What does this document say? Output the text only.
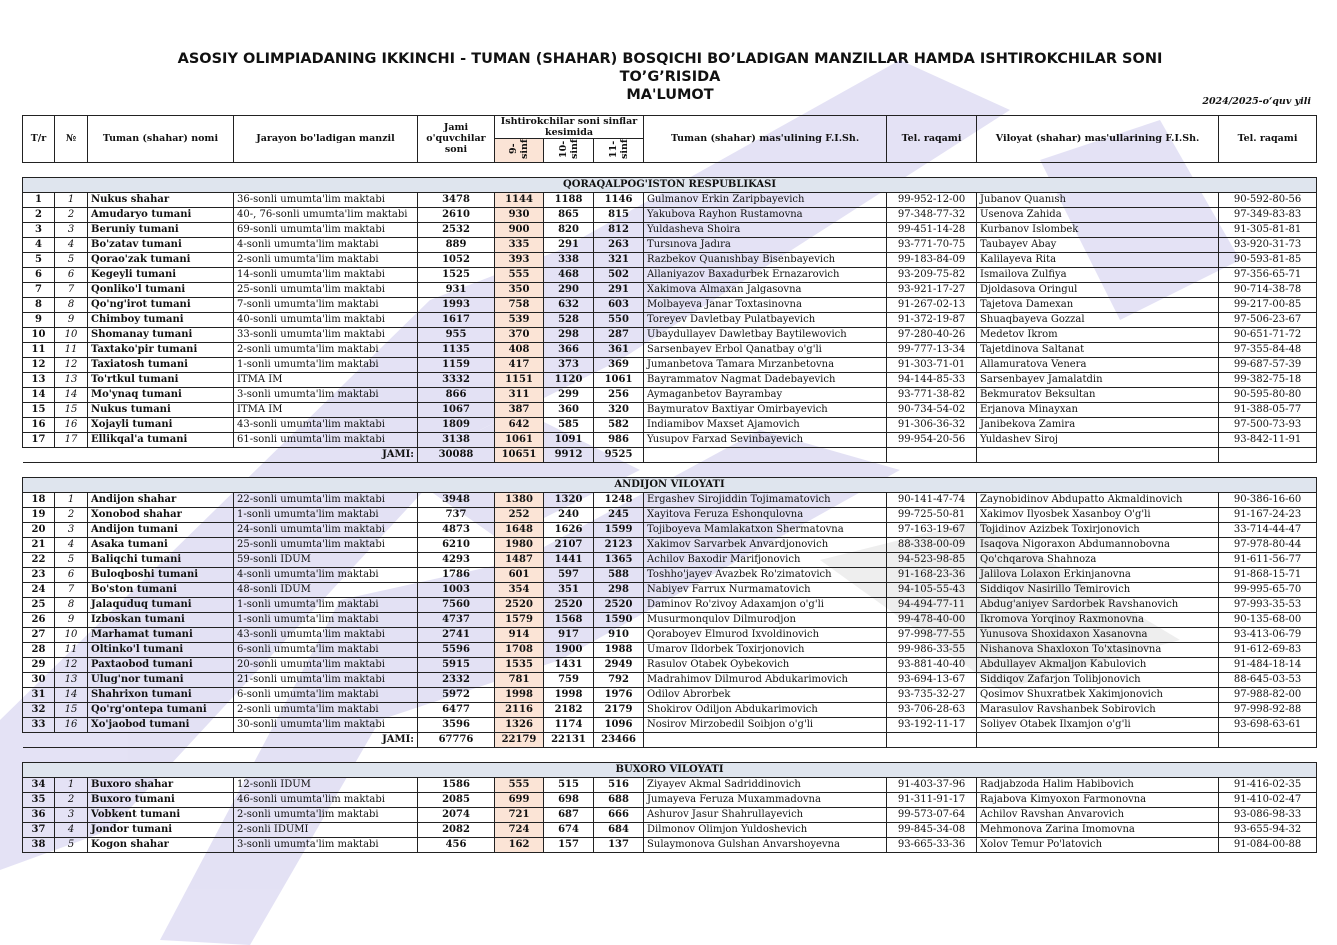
ASOSIY OLIMPIADANING IKKINCHI - TUMAN (SHAHAR) BOSQICHI BO’LADIGAN MANZILLAR HAMDA ISHTIROKCHILAR SONI TO’G’RISIDA
MA'LUMOT	2024/2025-o‘quv yili
T/r	№	Tuman (shahar) nomi	Jarayon bo'ladigan manzil	Jami o'quvchilar soni	Ishtirokchilar soni sinflar kesimida			Tuman (shahar) mas'ulining F.I.Sh.	Tel. raqami	Viloyat (shahar) mas'ullarining F.I.Sh.	Tel. raqami
					9-sinf	10-sinf	11-sinf				

QORAQALPOG'ISTON RESPUBLIKASI											
1	1	Nukus shahar	36-sonli umumta'lim maktabi	3478	1144	1188	1146	Gulmanov Erkin Zaripbayevich	99-952-12-00	Jubanov Quanısh	90-592-80-56
2	2	Amudaryo tumani	40-, 76-sonli umumta'lim maktabi	2610	930	865	815	Yakubova Rayhon Rustamovna	97-348-77-32	Usenova Zahida	97-349-83-83
3	3	Beruniy tumani	69-sonli umumta'lim maktabi	2532	900	820	812	Yuldasheva Shoira	99-451-14-28	Kurbanov Islombek	91-305-81-81
4	4	Bo'zatav tumani	4-sonli umumta'lim maktabi	889	335	291	263	Tursınova Jadıra	93-771-70-75	Taubayev Abay	93-920-31-73
5	5	Qorao'zak tumani	2-sonli umumta'lim maktabi	1052	393	338	321	Razbekov Quanıshbay Bisenbayevich	99-183-84-09	Kalilayeva Rita	90-593-81-85
6	6	Kegeyli tumani	14-sonli umumta'lim maktabi	1525	555	468	502	Allaniyazov Baxadurbek Ernazarovich	93-209-75-82	Ismailova Zulfiya	97-356-65-71
7	7	Qonliko'l tumani	25-sonli umumta'lim maktabi	931	350	290	291	Xakimova Almaxan Jalgasovna	93-921-17-27	Djoldasova Oringul	90-714-38-78
8	8	Qo'ng'irot tumani	7-sonli umumta'lim maktabi	1993	758	632	603	Molbayeva Janar Toxtasinovna	91-267-02-13	Tajetova Damexan	99-217-00-85
9	9	Chimboy tumani	40-sonli umumta'lim maktabi	1617	539	528	550	Toreyev Davletbay Pulatbayevich	91-372-19-87	Shuaqbayeva Gozzal	97-506-23-67
10	10	Shomanay tumani	33-sonli umumta'lim maktabi	955	370	298	287	Ubaydullayev Dawletbay Baytilewovich	97-280-40-26	Medetov Ikrom	90-651-71-72
11	11	Taxtako'pir tumani	2-sonli umumta'lim maktabi	1135	408	366	361	Sarsenbayev Erbol Qanatbay o'g'li	99-777-13-34	Tajetdinova Saltanat	97-355-84-48
12	12	Taxiatosh tumani	1-sonli umumta'lim maktabi	1159	417	373	369	Jumanbetova Tamara Mırzanbetovna	91-303-71-01	Allamuratova Venera	99-687-57-39
13	13	To'rtkul tumani	ITMA IM	3332	1151	1120	1061	Bayrammatov Nagmat Dadebayevich	94-144-85-33	Sarsenbayev Jamalatdin	99-382-75-18
14	14	Mo'ynaq tumani	3-sonli umumta'lim maktabi	866	311	299	256	Aymaganbetov Bayrambay	93-771-38-82	Bekmuratov Beksultan	90-595-80-80
15	15	Nukus tumani	ITMA IM	1067	387	360	320	Baymuratov Baxtiyar Omirbayevich	90-734-54-02	Erjanova Minayxan	91-388-05-77
16	16	Xojayli tumani	43-sonli umumta'lim maktabi	1809	642	585	582	Indiamibov Maxset Ajamovich	91-306-36-32	Janibekova Zamira	97-500-73-93
17	17	Ellikqal'a tumani	61-sonli umumta'lim maktabi	3138	1061	1091	986	Yusupov Farxad Sevinbayevich	99-954-20-56	Yuldashev Siroj	93-842-11-91
JAMI:				30088	10651	9912	9525				

ANDIJON VILOYATI											
18	1	Andijon shahar	22-sonli umumta'lim maktabi	3948	1380	1320	1248	Ergashev Sirojiddin Tojimamatovich	90-141-47-74	Zaynobidinov Abdupatto Akmaldinovich	90-386-16-60
19	2	Xonobod shahar	1-sonli umumta'lim maktabi	737	252	240	245	Xayitova Feruza Eshonqulovna	99-725-50-81	Xakimov Ilyosbek Xasanboy O'g'li	91-167-24-23
20	3	Andijon tumani	24-sonli umumta'lim maktabi	4873	1648	1626	1599	Tojiboyeva Mamlakatxon Shermatovna	97-163-19-67	Tojidinov Azizbek Toxirjonovich	33-714-44-47
21	4	Asaka tumani	25-sonli umumta'lim maktabi	6210	1980	2107	2123	Xakimov Sarvarbek Anvardjonovich	88-338-00-09	Isaqova Nigoraxon Abdumannobovna	97-978-80-44
22	5	Baliqchi tumani	59-sonli IDUM	4293	1487	1441	1365	Achilov Baxodir Marifjonovich	94-523-98-85	Qo'chqarova Shahnoza	91-611-56-77
23	6	Buloqboshi tumani	4-sonli umumta'lim maktabi	1786	601	597	588	Toshho'jayev Avazbek Ro'zimatovich	91-168-23-36	Jalilova Lolaxon Erkinjanovna	91-868-15-71
24	7	Bo'ston tumani	48-sonli IDUM	1003	354	351	298	Nabiyev Farrux Nurmamatovich	94-105-55-43	Siddiqov Nasirillo Temirovich	99-995-65-70
25	8	Jalaquduq tumani	1-sonli umumta'lim maktabi	7560	2520	2520	2520	Daminov Ro'zivoy Adaxamjon o'g'li	94-494-77-11	Abdug'aniyev Sardorbek Ravshanovich	97-993-35-53
26	9	Izboskan tumani	1-sonli umumta'lim maktabi	4737	1579	1568	1590	Musurmonqulov Dilmurodjon	99-478-40-00	Ikromova Yorqinoy Raxmonovna	90-135-68-00
27	10	Marhamat tumani	43-sonli umumta'lim maktabi	2741	914	917	910	Qoraboyev Elmurod Ixvoldinovich	97-998-77-55	Yunusova Shoxidaxon Xasanovna	93-413-06-79
28	11	Oltinko'l tumani	6-sonli umumta'lim maktabi	5596	1708	1900	1988	Umarov Ildorbek Toxirjonovich	99-986-33-55	Nishanova Shaxloxon To'xtasinovna	91-612-69-83
29	12	Paxtaobod tumani	20-sonli umumta'lim maktabi	5915	1535	1431	2949	Rasulov Otabek Oybekovich	93-881-40-40	Abdullayev Akmaljon Kabulovich	91-484-18-14
30	13	Ulug'nor tumani	21-sonli umumta'lim maktabi	2332	781	759	792	Madrahimov Dilmurod Abdukarimovich	93-694-13-67	Siddiqov Zafarjon Tolibjonovich	88-645-03-53
31	14	Shahrixon tumani	6-sonli umumta'lim maktabi	5972	1998	1998	1976	Odilov Abrorbek	93-735-32-27	Qosimov Shuxratbek Xakimjonovich	97-988-82-00
32	15	Qo'rg'ontepa tumani	2-sonli umumta'lim maktabi	6477	2116	2182	2179	Shokirov Odiljon Abdukarimovich	93-706-28-63	Marasulov Ravshanbek Sobirovich	97-998-92-88
33	16	Xo'jaobod tumani	30-sonli umumta'lim maktabi	3596	1326	1174	1096	Nosirov Mirzobedil Soibjon o'g'li	93-192-11-17	Soliyev Otabek Ilxamjon o'g'li	93-698-63-61
JAMI:				67776	22179	22131	23466				

BUXORO VILOYATI											
34	1	Buxoro shahar	12-sonli IDUM	1586	555	515	516	Ziyayev Akmal Sadriddinovich	91-403-37-96	Radjabzoda Halim Habibovich	91-416-02-35
35	2	Buxoro tumani	46-sonli umumta'lim maktabi	2085	699	698	688	Jumayeva Feruza Muxammadovna	91-311-91-17	Rajabova Kimyoxon Farmonovna	91-410-02-47
36	3	Vobkent tumani	2-sonli umumta'lim maktabi	2074	721	687	666	Ashurov Jasur Shahrullayevich	99-573-07-64	Achilov Ravshan Anvarovich	93-086-98-33
37	4	Jondor tumani	2-sonli IDUMI	2082	724	674	684	Dilmonov Olimjon Yuldoshevich	99-845-34-08	Mehmonova Zarina Imomovna	93-655-94-32
38	5	Kogon shahar	3-sonli umumta'lim maktabi	456	162	157	137	Sulaymonova Gulshan Anvarshoyevna	93-665-33-36	Xolov Temur Po'latovich	91-084-00-88
